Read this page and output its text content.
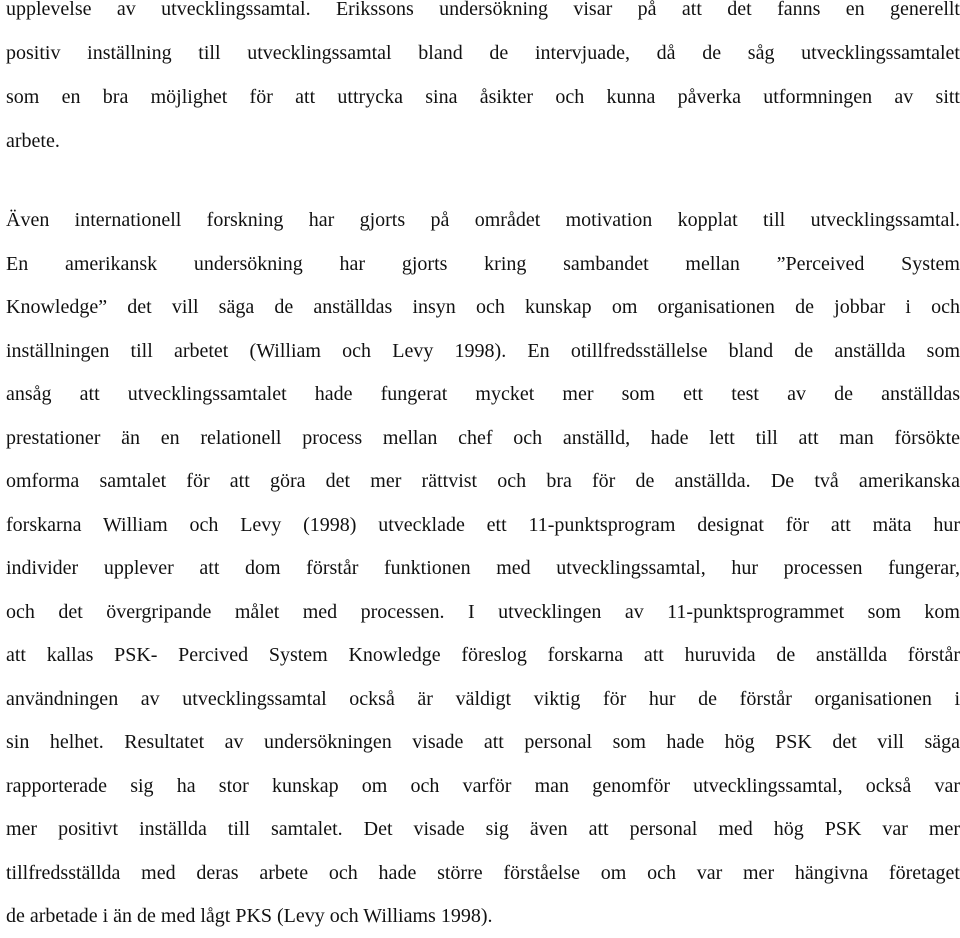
upplevelse av utvecklingssamtal. Erikssons undersökning visar på att det fanns en generellt
positiv inställning till utvecklingssamtal bland de intervjuade, då de såg utvecklingssamtalet
som en bra möjlighet för att uttrycka sina åsikter och kunna påverka utformningen av sitt
arbete.
Även internationell forskning har gjorts på området motivation kopplat till utvecklingssamtal.
En amerikansk undersökning har gjorts kring sambandet mellan ”Perceived System
Knowledge” det vill säga de anställdas insyn och kunskap om organisationen de jobbar i och
inställningen till arbetet (William och Levy 1998). En otillfredsställelse bland de anställda som
ansåg att utvecklingssamtalet hade fungerat mycket mer som ett test av de anställdas
prestationer än en relationell process mellan chef och anställd, hade lett till att man försökte
omforma samtalet för att göra det mer rättvist och bra för de anställda. De två amerikanska
forskarna William och Levy (1998) utvecklade ett 11-punktsprogram designat för att mäta hur
individer upplever att dom förstår funktionen med utvecklingssamtal, hur processen fungerar,
och det övergripande målet med processen. I utvecklingen av 11-punktsprogrammet som kom
att kallas PSK- Percived System Knowledge föreslog forskarna att huruvida de anställda förstår
användningen av utvecklingssamtal också är väldigt viktig för hur de förstår organisationen i
sin helhet. Resultatet av undersökningen visade att personal som hade hög PSK det vill säga
rapporterade sig ha stor kunskap om och varför man genomför utvecklingssamtal, också var
mer positivt inställda till samtalet. Det visade sig även att personal med hög PSK var mer
tillfredsställda med deras arbete och hade större förståelse om och var mer hängivna företaget
de arbetade i än de med lågt PKS (Levy och Williams 1998).
